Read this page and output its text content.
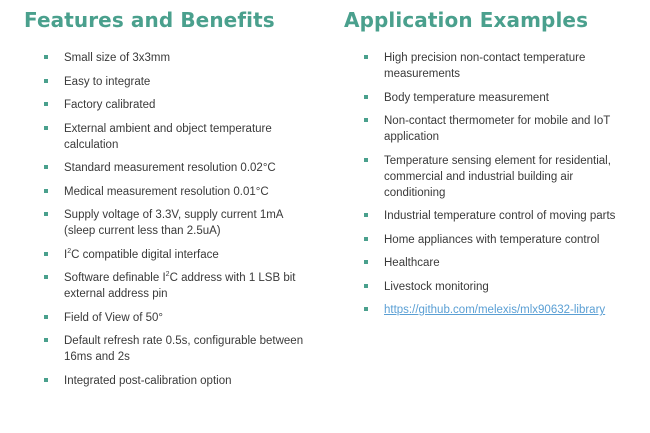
Features and Benefits
Small size of 3x3mm
Easy to integrate
Factory calibrated
External ambient and object temperature calculation
Standard measurement resolution 0.02°C
Medical measurement resolution 0.01°C
Supply voltage of 3.3V, supply current 1mA (sleep current less than 2.5uA)
$I^2C$ compatible digital interface
Software definable $I^2C$ address with 1 LSB bit external address pin
Field of View of 50°
Default refresh rate 0.5s, configurable between 16ms and 2s
Integrated post-calibration option
Application Examples
High precision non-contact temperature measurements
Body temperature measurement
Non-contact thermometer for mobile and IoT application
Temperature sensing element for residential, commercial and industrial building air conditioning
Industrial temperature control of moving parts
Home appliances with temperature control
Healthcare
Livestock monitoring
https://github.com/melexis/mlx90632-library
